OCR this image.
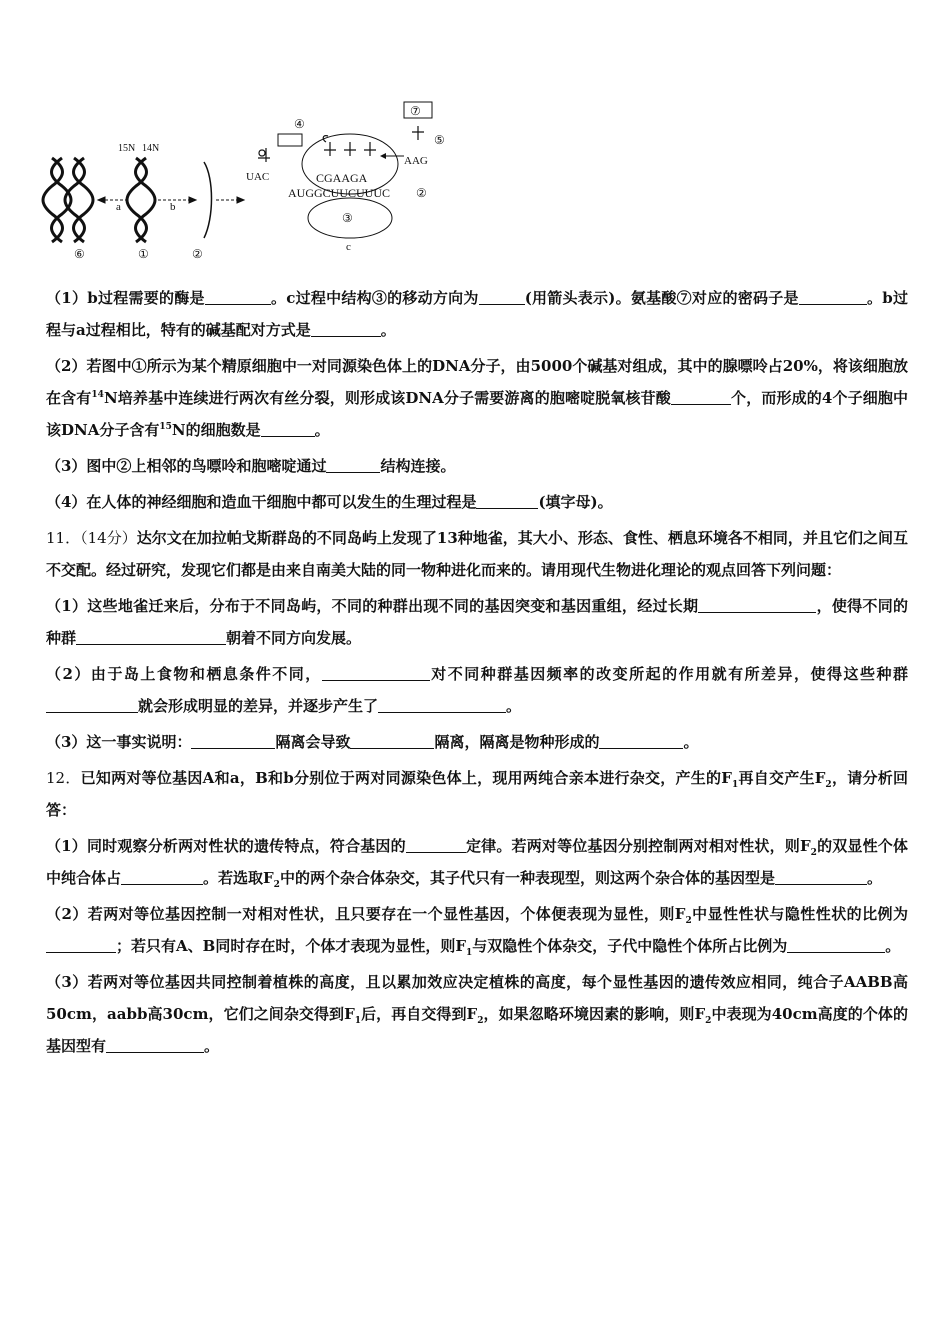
a
15N 14N
b
⑥	①	②
④
⑦
⑤
UAC
AAG
CGAAGA
AUGGCUUCUUUC ②
③
c

（1）b过程需要的酶是	。c过程中结构③的移动方向为	(用箭头表示)。氨基酸⑦对应的密码子是	。b过程与a过程相比，特有的碱基配对方式是	。

（2）若图中①所示为某个精原细胞中一对同源染色体上的DNA分子，由5000个碱基对组成，其中的腺嘌呤占20%，将该细胞放在含有$^{14}$N培养基中连续进行两次有丝分裂，则形成该DNA分子需要游离的胞嘧啶脱氧核苷酸	个，而形成的4个子细胞中该DNA分子含有$^{15}$N的细胞数是	。

（3）图中②上相邻的鸟嘌呤和胞嘧啶通过	结构连接。

（4）在人体的神经细胞和造血干细胞中都可以发生的生理过程是	(填字母)。

11．（14分）达尔文在加拉帕戈斯群岛的不同岛屿上发现了13种地雀，其大小、形态、食性、栖息环境各不相同，并且它们之间互不交配。经过研究，发现它们都是由来自南美大陆的同一物种进化而来的。请用现代生物进化理论的观点回答下列问题：

（1）这些地雀迁来后，分布于不同岛屿，不同的种群出现不同的基因突变和基因重组，经过长期	，使得不同的种群	朝着不同方向发展。

（2）由于岛上食物和栖息条件不同，	对不同种群基因频率的改变所起的作用就有所差异，使得这些种群就会形成明显的差异，并逐步产生了	。

（3）这一事实说明：	隔离会导致	隔离，隔离是物种形成的	。

12．已知两对等位基因A和a，B和b分别位于两对同源染色体上，现用两纯合亲本进行杂交，产生的$F_1$再自交产生$F_2$，请分析回答：

（1）同时观察分析两对性状的遗传特点，符合基因的	定律。若两对等位基因分别控制两对相对性状，则$F_2$的双显性个体中纯合体占	。若选取$F_2$中的两个杂合体杂交，其子代只有一种表现型，则这两个杂合体的基因型是	。

（2）若两对等位基因控制一对相对性状，且只要存在一个显性基因，个体便表现为显性，则$F_2$中显性性状与隐性性状的比例为；若只有A、B同时存在时，个体才表现为显性，则$F_1$与双隐性个体杂交，子代中隐性个体所占比例为	。

（3）若两对等位基因共同控制着植株的高度，且以累加效应决定植株的高度，每个显性基因的遗传效应相同，纯合子AABB高50cm，aabb高30cm，它们之间杂交得到$F_1$后，再自交得到$F_2$，如果忽略环境因素的影响，则$F_2$中表现为40cm高度的个体的基因型有	。
